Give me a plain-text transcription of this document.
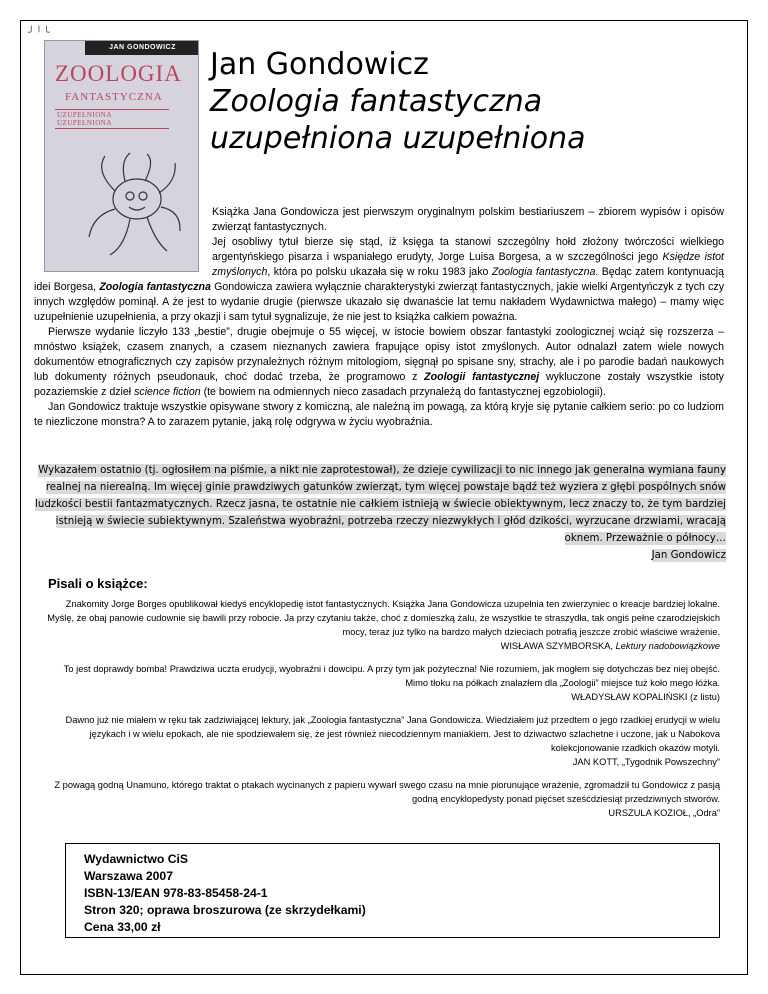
╯╵╰
JAN GONDOWICZ
ZOOLOGIA
FANTASTYCZNA
UZUPEŁNIONA UZUPEŁNIONA
Jan Gondowicz
Zoologia fantastyczna
uzupełniona uzupełniona

Książka Jana Gondowicza jest pierwszym oryginalnym polskim bestiariuszem – zbiorem wypisów i opisów zwierząt fantastycznych.

Jej osobliwy tytuł bierze się stąd, iż księga ta stanowi szczególny hołd złożony twórczości wielkiego argentyńskiego pisarza i wspaniałego erudyty, Jorge Luisa Borgesa, a w szczególności jego Księdze istot zmyślonych, która po polsku ukazała się w roku 1983 jako Zoologia fantastyczna. Będąc zatem kontynuacją idei Borgesa, Zoologia fantastyczna Gondowicza zawiera wyłącznie charakterystyki zwierząt fantastycznych, jakie wielki Argentyńczyk z tych czy innych względów pominął. A że jest to wydanie drugie (pierwsze ukazało się dwanaście lat temu nakładem Wydawnictwa małego) – mamy więc uzupełnienie uzupełnienia, a przy okazji i sam tytuł sygnalizuje, że nie jest to książka całkiem poważna.

Pierwsze wydanie liczyło 133 „bestie”, drugie obejmuje o 55 więcej, w istocie bowiem obszar fantastyki zoologicznej wciąż się rozszerza – mnóstwo książek, czasem znanych, a czasem nieznanych zawiera frapujące opisy istot zmyślonych. Autor odnalazł zatem wiele nowych dokumentów etnograficznych czy zapisów przynależnych różnym mitologiom, sięgnął po spisane sny, strachy, ale i po parodie badań naukowych lub dokumenty różnych pseudonauk, choć dodać trzeba, że programowo z Zoologii fantastycznej wykluczone zostały wszystkie istoty pozaziemskie z dzieł science fiction (te bowiem na odmiennych nieco zasadach przynależą do fantastycznej egzobiologii).

Jan Gondowicz traktuje wszystkie opisywane stwory z komiczną, ale należną im powagą, za którą kryje się pytanie całkiem serio: po co ludziom te niezliczone monstra? A to zarazem pytanie, jaką rolę odgrywa w życiu wyobraźnia.

Wykazałem ostatnio (tj. ogłosiłem na piśmie, a nikt nie zaprotestował), że dzieje cywilizacji to nic innego jak generalna wymiana fauny realnej na nierealną. Im więcej ginie prawdziwych gatunków zwierząt, tym więcej powstaje bądź też wyziera z głębi pospólnych snów ludzkości bestii fantazmatycznych. Rzecz jasna, te ostatnie nie całkiem istnieją w świecie obiektywnym, lecz znaczy to, że tym bardziej istnieją w świecie subiektywnym. Szaleństwa wyobraźni, potrzeba rzeczy niezwykłych i głód dzikości, wyrzucane drzwiami, wracają oknem. Przeważnie o północy…
Jan Gondowicz
Pisali o książce:
Znakomity Jorge Borges opublikował kiedyś encyklopedię istot fantastycznych. Książka Jana Gondowicza uzupełnia ten zwierzyniec o kreacje bardziej lokalne. Myślę, że obaj panowie cudownie się bawili przy robocie. Ja przy czytaniu także, choć z domieszką żalu, że wszystkie te straszydła, tak ongiś pełne czarodziejskich mocy, teraz już tylko na bardzo małych dzieciach potrafią jeszcze zrobić właściwe wrażenie.
WISŁAWA SZYMBORSKA, Lektury nadobowiązkowe
To jest doprawdy bomba! Prawdziwa uczta erudycji, wyobraźni i dowcipu. A przy tym jak pożyteczna! Nie rozumiem, jak mogłem się dotychczas bez niej obejść. Mimo tłoku na półkach znalazłem dla „Zoologii” miejsce tuż koło mego łóżka.
WŁADYSŁAW KOPALIŃSKI (z listu)
Dawno już nie miałem w ręku tak zadziwiającej lektury, jak „Zoologia fantastyczna” Jana Gondowicza. Wiedziałem już przedtem o jego rzadkiej erudycji w wielu językach i w wielu epokach, ale nie spodziewałem się, że jest również niecodziennym maniakiem. Jest to dziwactwo szlachetne i uczone, jak u Nabokova kolekcjonowanie rzadkich okazów motyli.
JAN KOTT, „Tygodnik Powszechny”
Z powagą godną Unamuno, którego traktat o ptakach wycinanych z papieru wywarł swego czasu na mnie piorunujące wrażenie, zgromadził tu Gondowicz z pasją godną encyklopedysty ponad pięćset sześćdziesiąt przedziwnych stworów.
URSZULA KOZIOŁ, „Odra”
Wydawnictwo CiS
Warszawa 2007
ISBN-13/EAN 978-83-85458-24-1
Stron 320; oprawa broszurowa (ze skrzydełkami)
Cena 33,00 zł
